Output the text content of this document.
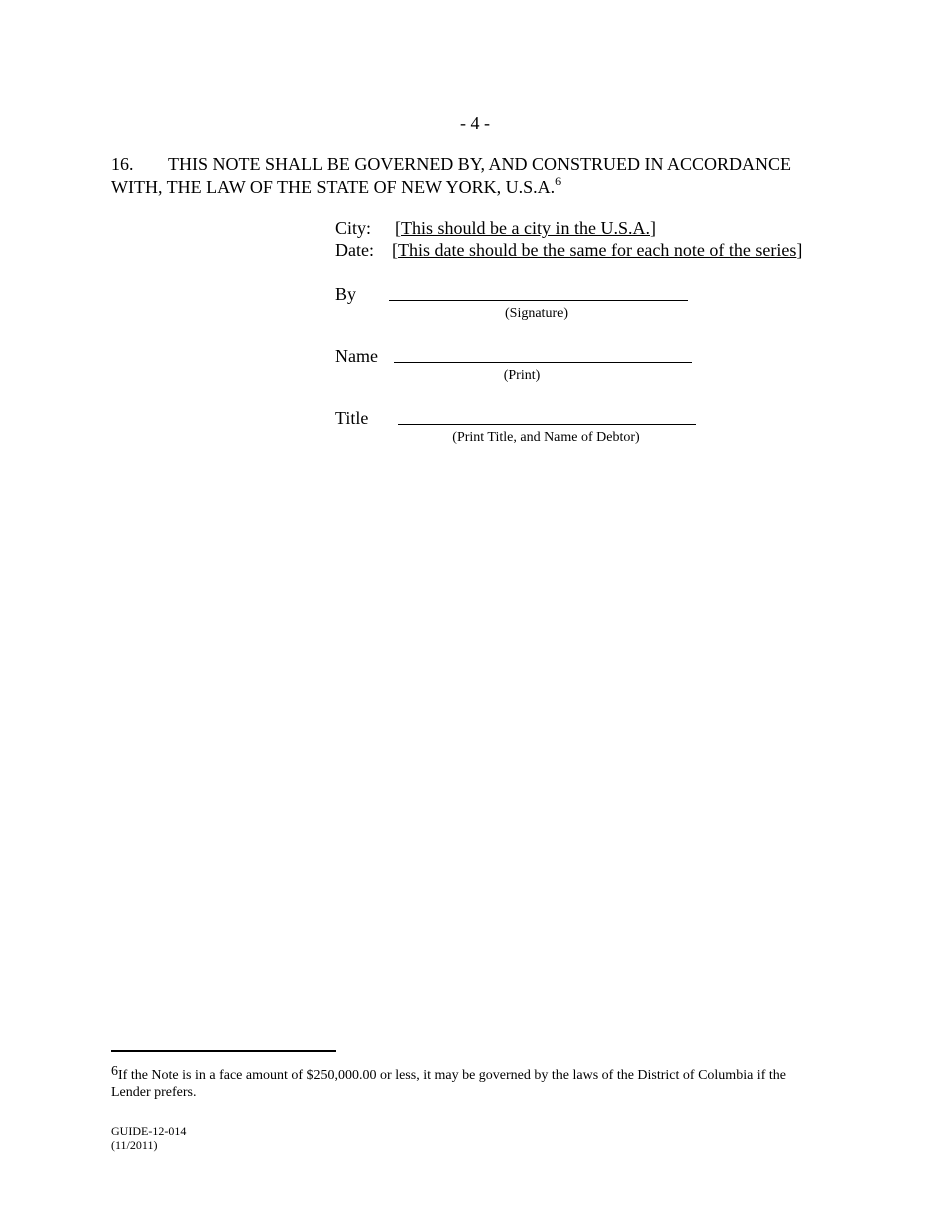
- 4 -
16. THIS NOTE SHALL BE GOVERNED BY, AND CONSTRUED IN ACCORDANCE
WITH, THE LAW OF THE STATE OF NEW YORK, U.S.A.$^6$
City: [This should be a city in the U.S.A.]
Date: [This date should be the same for each note of the series]
By
(Signature)
Name
(Print)
Title
(Print Title, and Name of Debtor)
6If the Note is in a face amount of $250,000.00 or less, it may be governed by the laws of the District of Columbia if the Lender prefers.
GUIDE-12-014
(11/2011)
